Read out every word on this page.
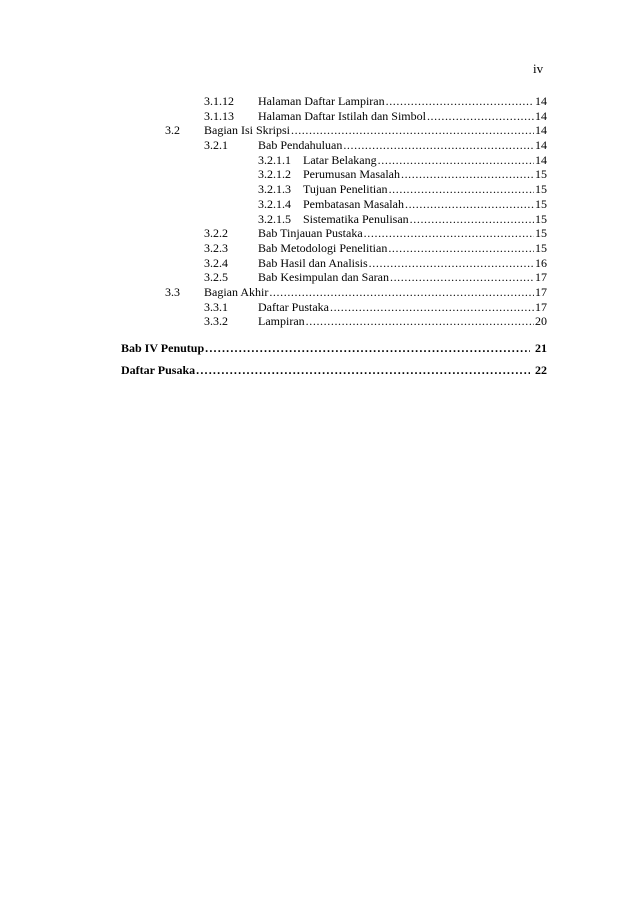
iv
3.1.12 Halaman Daftar Lampiran .....	14
3.1.13 Halaman Daftar Istilah dan Simbol .....	14
3.2 Bagian Isi Skripsi .....	14
3.2.1	Bab Pendahuluan .....	14
3.2.1.1 Latar Belakang .....	14
3.2.1.2 Perumusan Masalah .....	15
3.2.1.3 Tujuan Penelitian .....	15
3.2.1.4 Pembatasan Masalah .....	15
3.2.1.5 Sistematika Penulisan .....	15
3.2.2	Bab Tinjauan Pustaka .....	15
3.2.3	Bab Metodologi Penelitian .....	15
3.2.4	Bab Hasil dan Analisis .....	16
3.2.5	Bab Kesimpulan dan Saran .....	17
3.3 Bagian Akhir .....	17
3.3.1	Daftar Pustaka .....	17
3.3.2	Lampiran .....	20
Bab IV Penutup .....	21
Daftar Pusaka .....	22
